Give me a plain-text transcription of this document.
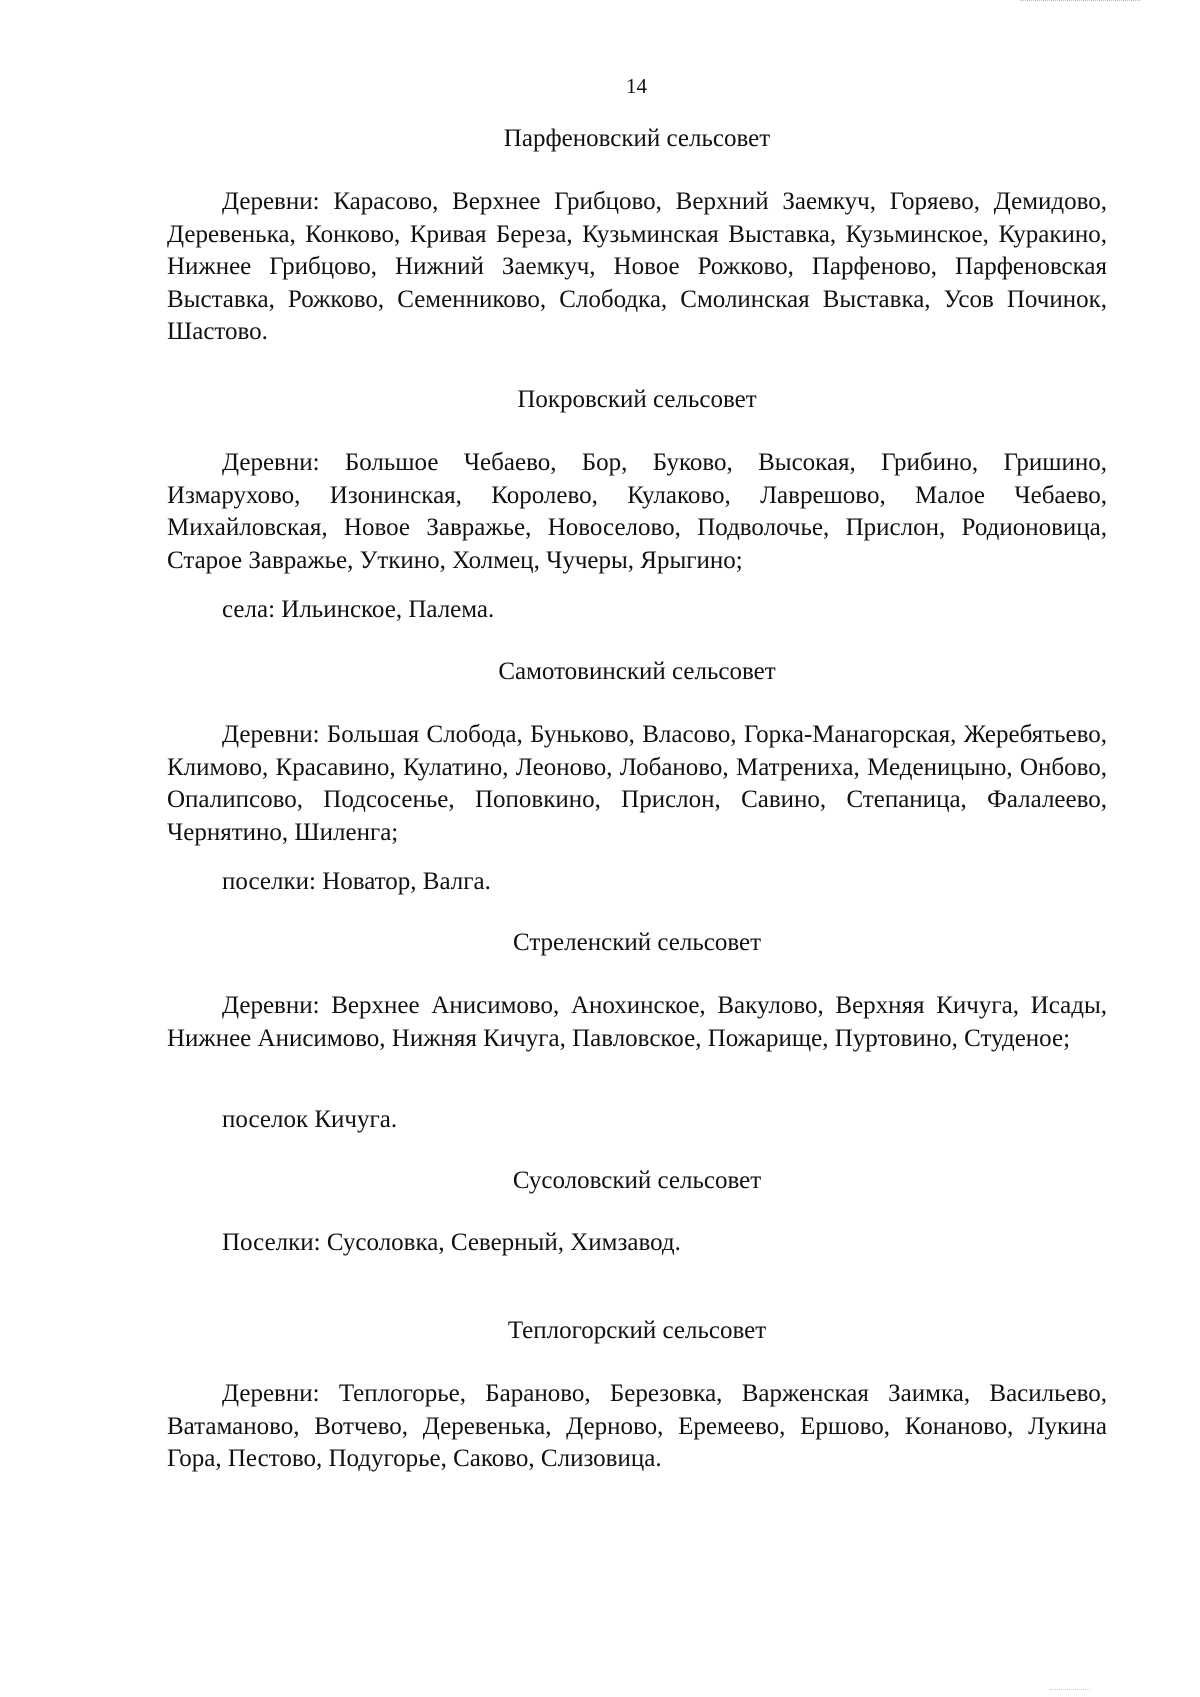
14
Парфеновский сельсовет

Деревни: Карасово, Верхнее Грибцово, Верхний Заемкуч, Горяево, Демидово, Деревенька, Конково, Кривая Береза, Кузьминская Выставка, Кузьминское, Куракино, Нижнее Грибцово, Нижний Заемкуч, Новое Рожково, Парфеново, Парфеновская Выставка, Рожково, Семенниково, Слободка, Смолинская Выставка, Усов Починок, Шастово.

Покровский сельсовет

Деревни: Большое Чебаево, Бор, Буково, Высокая, Грибино, Гришино, Измарухово, Изонинская, Королево, Кулаково, Лаврешово, Малое Чебаево, Михайловская, Новое Завражье, Новоселово, Подволочье, Прислон, Родионовица, Старое Завражье, Уткино, Холмец, Чучеры, Ярыгино;

села: Ильинское, Палема.

Самотовинский сельсовет

Деревни: Большая Слобода, Буньково, Власово, Горка-Манагорская, Жеребятьево, Климово, Красавино, Кулатино, Леоново, Лобаново, Матрениха, Меденицыно, Онбово, Опалипсово, Подсосенье, Поповкино, Прислон, Савино, Степаница, Фалалеево, Чернятино, Шиленга;

поселки: Новатор, Валга.

Стреленский сельсовет

Деревни: Верхнее Анисимово, Анохинское, Вакулово, Верхняя Кичуга, Исады, Нижнее Анисимово, Нижняя Кичуга, Павловское, Пожарище, Пуртовино, Студеное;

поселок Кичуга.

Сусоловский сельсовет

Поселки: Сусоловка, Северный, Химзавод.

Теплогорский сельсовет

Деревни: Теплогорье, Бараново, Березовка, Варженская Заимка, Васильево, Ватаманово, Вотчево, Деревенька, Дерново, Еремеево, Ершово, Конаново, Лукина Гора, Пестово, Подугорье, Саково, Слизовица.
